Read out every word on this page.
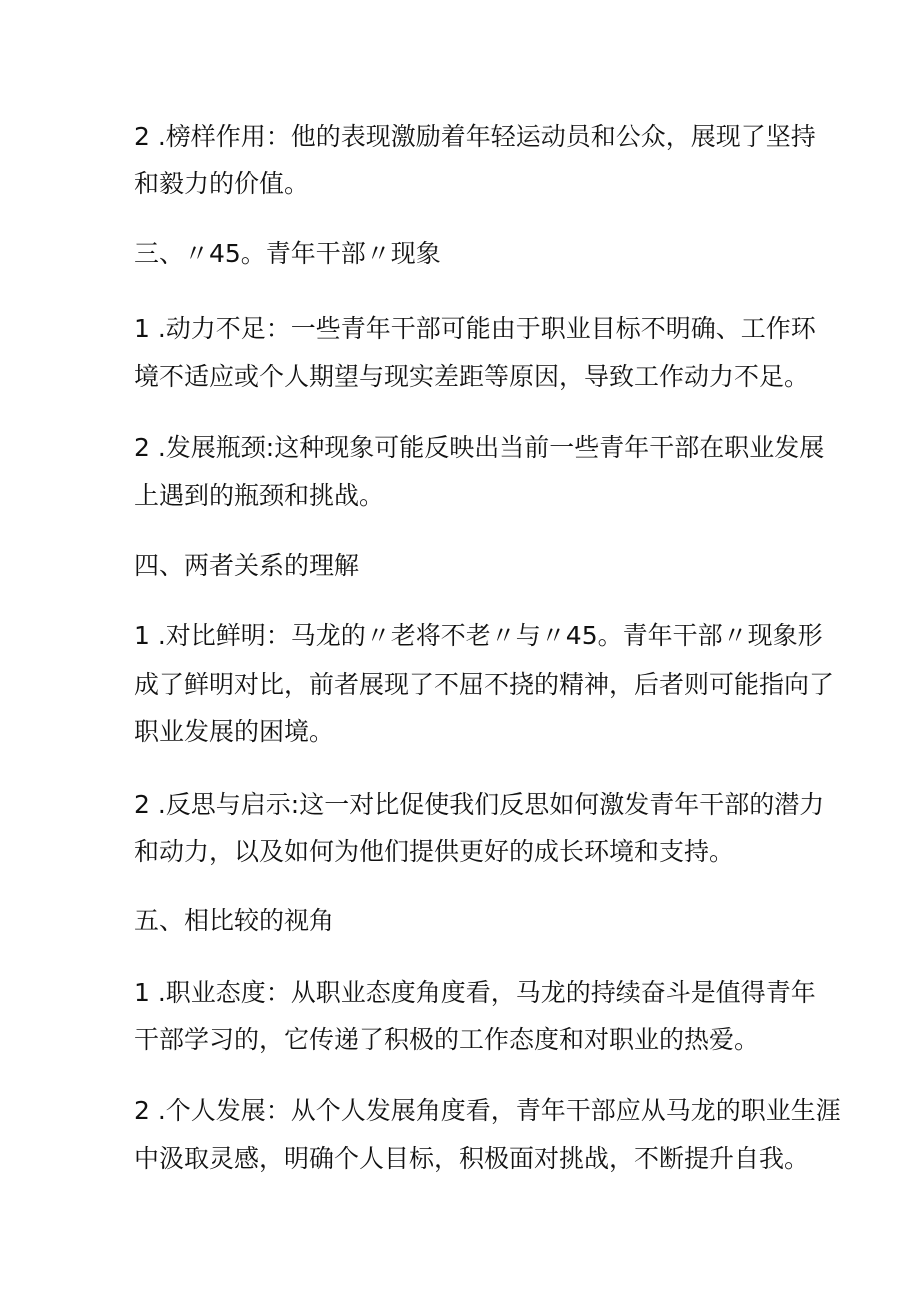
2 .榜样作用：他的表现激励着年轻运动员和公众，展现了坚持
和毅力的价值。
三、〃45。青年干部〃现象
1 .动力不足：一些青年干部可能由于职业目标不明确、工作环
境不适应或个人期望与现实差距等原因，导致工作动力不足。
2 .发展瓶颈:这种现象可能反映出当前一些青年干部在职业发展
上遇到的瓶颈和挑战。
四、两者关系的理解
1 .对比鲜明：马龙的〃老将不老〃与〃45。青年干部〃现象形
成了鲜明对比，前者展现了不屈不挠的精神，后者则可能指向了
职业发展的困境。
2 .反思与启示:这一对比促使我们反思如何激发青年干部的潜力
和动力，以及如何为他们提供更好的成长环境和支持。
五、相比较的视角
1 .职业态度：从职业态度角度看，马龙的持续奋斗是值得青年
干部学习的，它传递了积极的工作态度和对职业的热爱。
2 .个人发展：从个人发展角度看，青年干部应从马龙的职业生涯
中汲取灵感，明确个人目标，积极面对挑战，不断提升自我。
